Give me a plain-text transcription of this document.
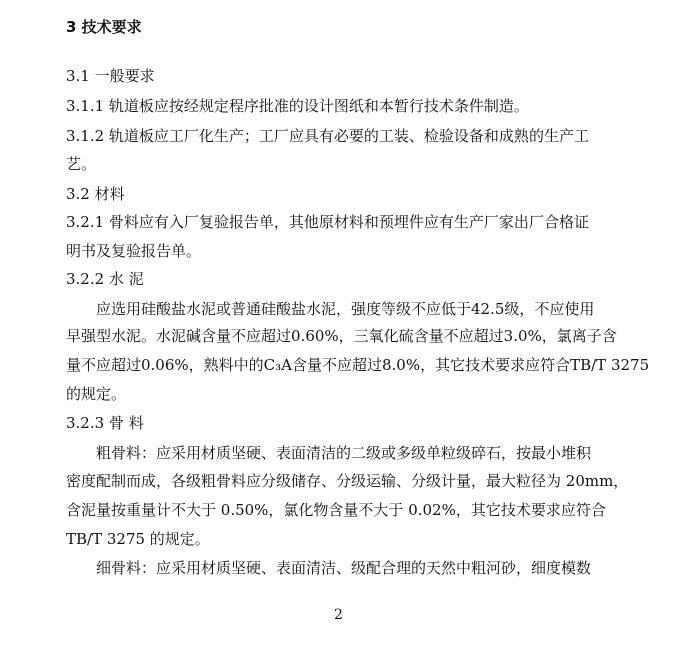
3 技术要求
3.1 一般要求
3.1.1 轨道板应按经规定程序批准的设计图纸和本暂行技术条件制造。
3.1.2 轨道板应工厂化生产；工厂应具有必要的工装、检验设备和成熟的生产工
艺。
3.2 材料
3.2.1 骨料应有入厂复验报告单，其他原材料和预埋件应有生产厂家出厂合格证
明书及复验报告单。
3.2.2 水 泥
应选用硅酸盐水泥或普通硅酸盐水泥，强度等级不应低于42.5级，不应使用
早强型水泥。水泥碱含量不应超过0.60%，三氧化硫含量不应超过3.0%，氯离子含
量不应超过0.06%，熟料中的C₃A含量不应超过8.0%，其它技术要求应符合TB/T 3275
的规定。
3.2.3 骨 料
粗骨料：应采用材质坚硬、表面清洁的二级或多级单粒级碎石，按最小堆积
密度配制而成，各级粗骨料应分级储存、分级运输、分级计量，最大粒径为 20mm，
含泥量按重量计不大于 0.50%，氯化物含量不大于 0.02%，其它技术要求应符合
TB/T 3275 的规定。
细骨料：应采用材质坚硬、表面清洁、级配合理的天然中粗河砂，细度模数
2
